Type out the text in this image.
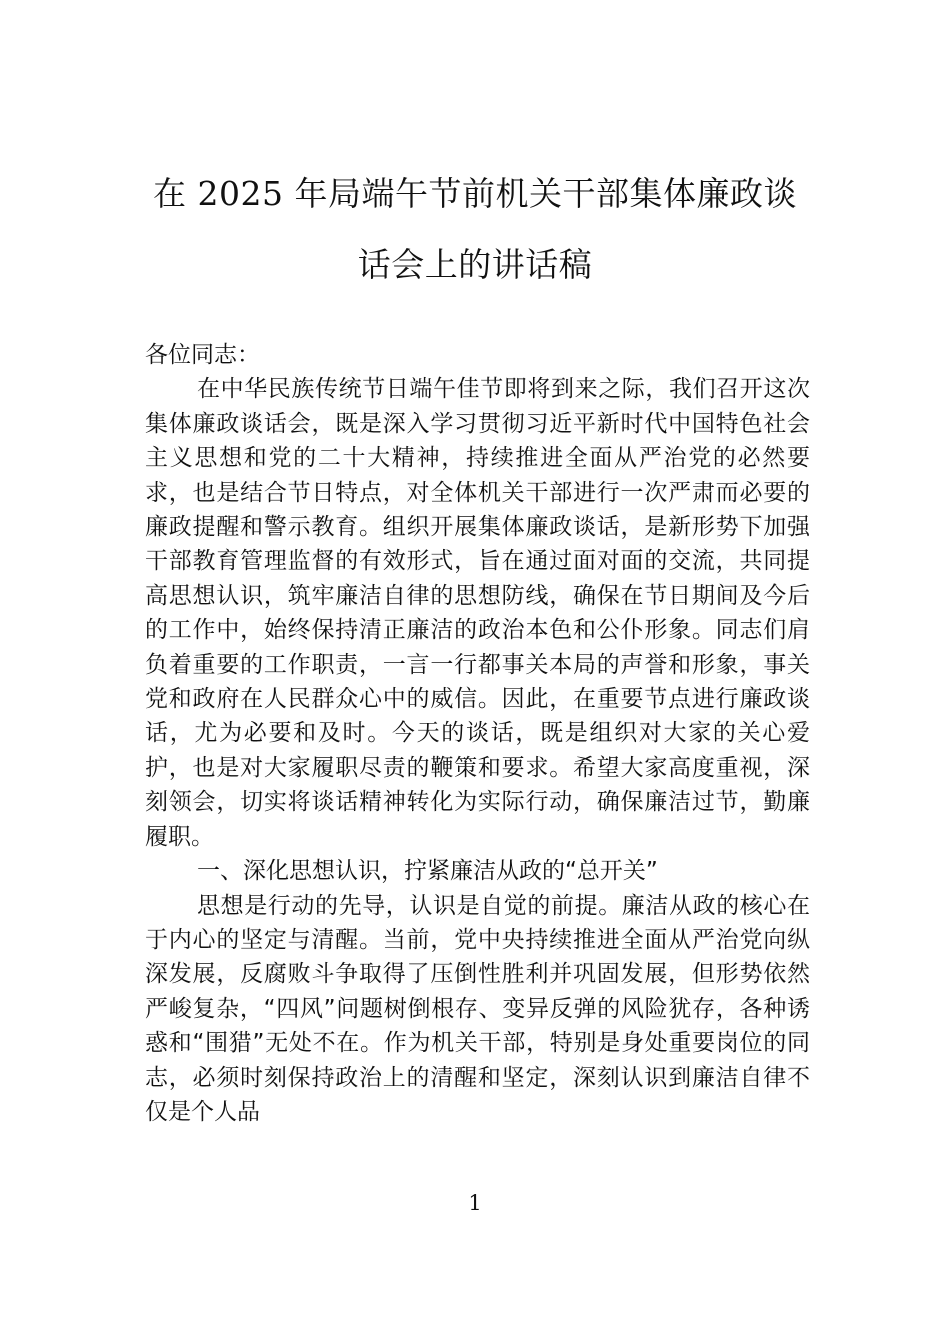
在 2025 年局端午节前机关干部集体廉政谈
话会上的讲话稿

各位同志：

在中华民族传统节日端午佳节即将到来之际，我们召开这次集体廉政谈话会，既是深入学习贯彻习近平新时代中国特色社会主义思想和党的二十大精神，持续推进全面从严治党的必然要求，也是结合节日特点，对全体机关干部进行一次严肃而必要的廉政提醒和警示教育。组织开展集体廉政谈话，是新形势下加强干部教育管理监督的有效形式，旨在通过面对面的交流，共同提高思想认识，筑牢廉洁自律的思想防线，确保在节日期间及今后的工作中，始终保持清正廉洁的政治本色和公仆形象。同志们肩负着重要的工作职责，一言一行都事关本局的声誉和形象，事关党和政府在人民群众心中的威信。因此，在重要节点进行廉政谈话，尤为必要和及时。今天的谈话，既是组织对大家的关心爱护，也是对大家履职尽责的鞭策和要求。希望大家高度重视，深刻领会，切实将谈话精神转化为实际行动，确保廉洁过节，勤廉履职。

一、深化思想认识，拧紧廉洁从政的“总开关”

思想是行动的先导，认识是自觉的前提。廉洁从政的核心在于内心的坚定与清醒。当前，党中央持续推进全面从严治党向纵深发展，反腐败斗争取得了压倒性胜利并巩固发展，但形势依然严峻复杂，“四风”问题树倒根存、变异反弹的风险犹存，各种诱惑和“围猎”无处不在。作为机关干部，特别是身处重要岗位的同志，必须时刻保持政治上的清醒和坚定，深刻认识到廉洁自律不仅是个人品

1
